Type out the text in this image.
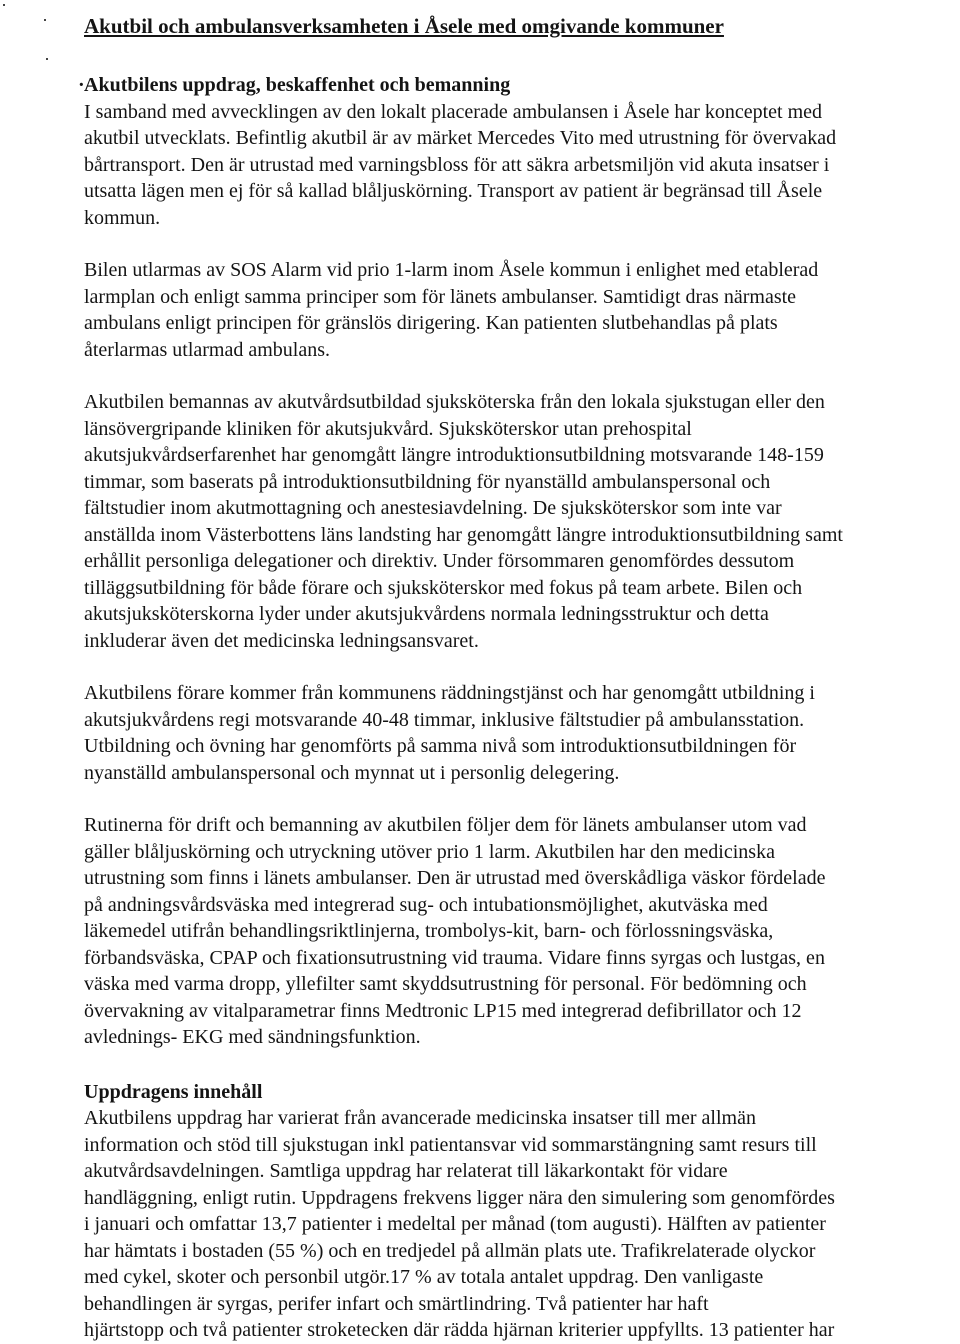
Akutbil och ambulansverksamheten i Åsele med omgivande kommuner
· Akutbilens uppdrag, beskaffenhet och bemanning

I samband med avvecklingen av den lokalt placerade ambulansen i Åsele har konceptet med
akutbil utvecklats. Befintlig akutbil är av märket Mercedes Vito med utrustning för övervakad
bårtransport. Den är utrustad med varningsbloss för att säkra arbetsmiljön vid akuta insatser i
utsatta lägen men ej för så kallad blåljuskörning. Transport av patient är begränsad till Åsele
kommun.

Bilen utlarmas av SOS Alarm vid prio 1-larm inom Åsele kommun i enlighet med etablerad
larmplan och enligt samma principer som för länets ambulanser. Samtidigt dras närmaste
ambulans enligt principen för gränslös dirigering. Kan patienten slutbehandlas på plats
återlarmas utlarmad ambulans.

Akutbilen bemannas av akutvårdsutbildad sjuksköterska från den lokala sjukstugan eller den
länsövergripande kliniken för akutsjukvård. Sjuksköterskor utan prehospital
akutsjukvårdserfarenhet har genomgått längre introduktionsutbildning motsvarande 148-159
timmar, som baserats på introduktionsutbildning för nyanställd ambulanspersonal och
fältstudier inom akutmottagning och anestesiavdelning. De sjuksköterskor som inte var
anställda inom Västerbottens läns landsting har genomgått längre introduktionsutbildning samt
erhållit personliga delegationer och direktiv. Under försommaren genomfördes dessutom
tilläggsutbildning för både förare och sjuksköterskor med fokus på team arbete. Bilen och
akutsjuksköterskorna lyder under akutsjukvårdens normala ledningsstruktur och detta
inkluderar även det medicinska ledningsansvaret.

Akutbilens förare kommer från kommunens räddningstjänst och har genomgått utbildning i
akutsjukvårdens regi motsvarande 40-48 timmar, inklusive fältstudier på ambulansstation.
Utbildning och övning har genomförts på samma nivå som introduktionsutbildningen för
nyanställd ambulanspersonal och mynnat ut i personlig delegering.

Rutinerna för drift och bemanning av akutbilen följer dem för länets ambulanser utom vad
gäller blåljuskörning och utryckning utöver prio 1 larm. Akutbilen har den medicinska
utrustning som finns i länets ambulanser. Den är utrustad med överskådliga väskor fördelade
på andningsvårdsväska med integrerad sug- och intubationsmöjlighet, akutväska med
läkemedel utifrån behandlingsriktlinjerna, trombolys-kit, barn- och förlossningsväska,
förbandsväska, CPAP och fixationsutrustning vid trauma. Vidare finns syrgas och lustgas, en
väska med varma dropp, yllefilter samt skyddsutrustning för personal. För bedömning och
övervakning av vitalparametrar finns Medtronic LP15 med integrerad defibrillator och 12
avlednings- EKG med sändningsfunktion.

Uppdragens innehåll

Akutbilens uppdrag har varierat från avancerade medicinska insatser till mer allmän
information och stöd till sjukstugan inkl patientansvar vid sommarstängning samt resurs till
akutvårdsavdelningen. Samtliga uppdrag har relaterat till läkarkontakt för vidare
handläggning, enligt rutin. Uppdragens frekvens ligger nära den simulering som genomfördes
i januari och omfattar 13,7 patienter i medeltal per månad (tom augusti). Hälften av patienter
har hämtats i bostaden (55 %) och en tredjedel på allmän plats ute. Trafikrelaterade olyckor
med cykel, skoter och personbil utgör.17 % av totala antalet uppdrag. Den vanligaste
behandlingen är syrgas, perifer infart och smärtlindring. Två patienter har haft
hjärtstopp och två patienter stroketecken där rädda hjärnan kriterier uppfyllts. 13 patienter har
